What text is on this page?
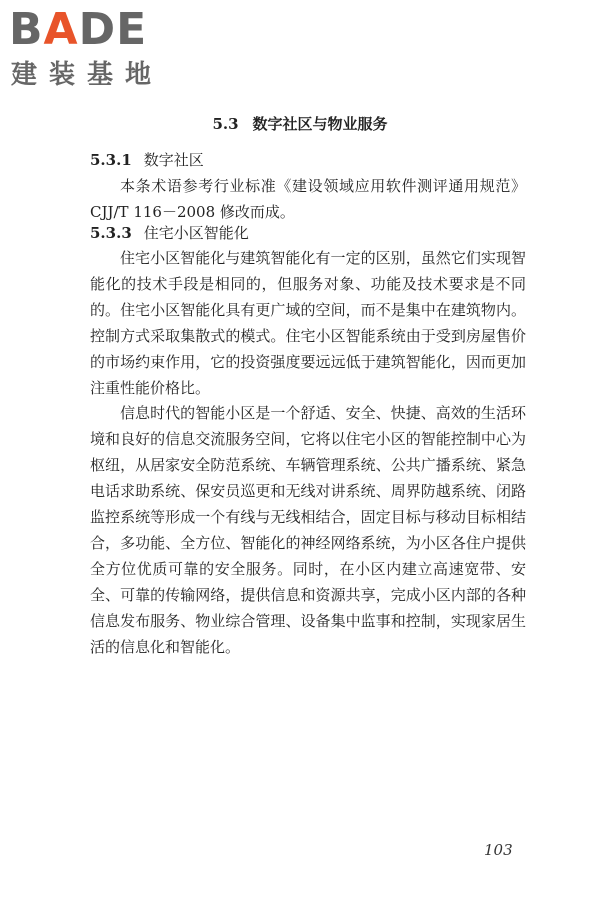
BADE
建装基地
5.3 数字社区与物业服务
5.3.1 数字社区

本条术语参考行业标准《建设领域应用软件测评通用规范》CJJ/T 116－2008 修改而成。

5.3.3 住宅小区智能化

住宅小区智能化与建筑智能化有一定的区别，虽然它们实现智能化的技术手段是相同的，但服务对象、功能及技术要求是不同的。住宅小区智能化具有更广域的空间，而不是集中在建筑物内。控制方式采取集散式的模式。住宅小区智能系统由于受到房屋售价的市场约束作用，它的投资强度要远远低于建筑智能化，因而更加注重性能价格比。

信息时代的智能小区是一个舒适、安全、快捷、高效的生活环境和良好的信息交流服务空间，它将以住宅小区的智能控制中心为枢纽，从居家安全防范系统、车辆管理系统、公共广播系统、紧急电话求助系统、保安员巡更和无线对讲系统、周界防越系统、闭路监控系统等形成一个有线与无线相结合，固定目标与移动目标相结合，多功能、全方位、智能化的神经网络系统，为小区各住户提供全方位优质可靠的安全服务。同时，在小区内建立高速宽带、安全、可靠的传输网络，提供信息和资源共享，完成小区内部的各种信息发布服务、物业综合管理、设备集中监事和控制，实现家居生活的信息化和智能化。

103
